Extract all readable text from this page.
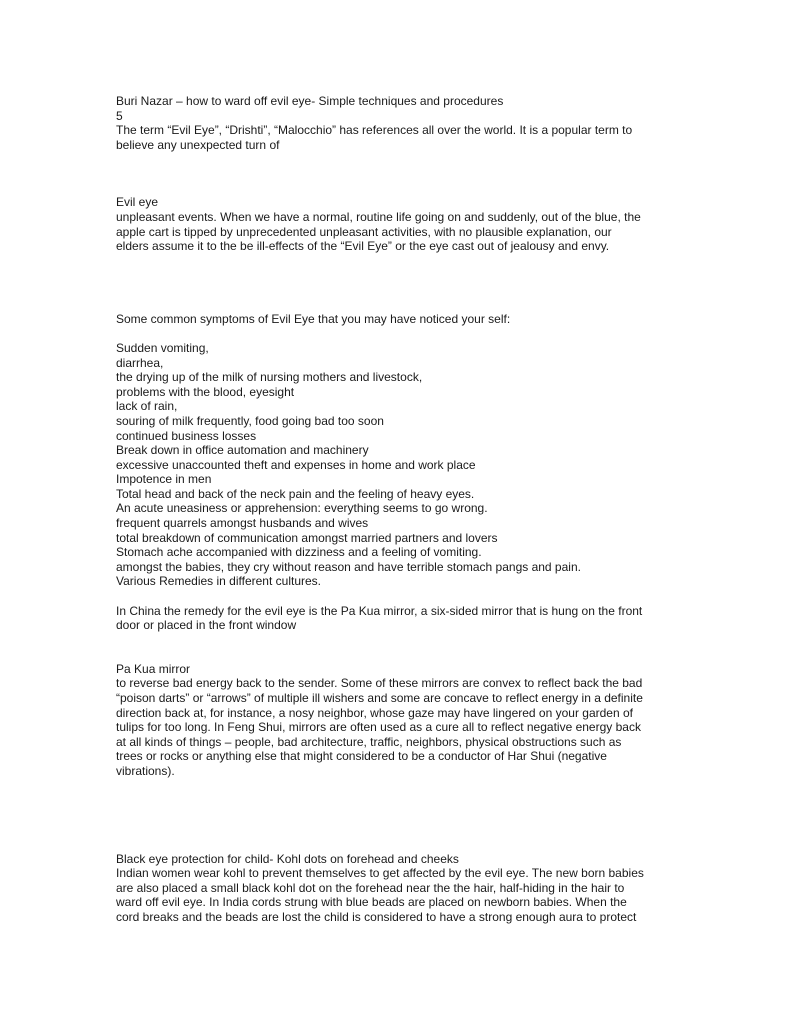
Buri Nazar – how to ward off evil eye- Simple techniques and procedures
5
The term “Evil Eye”, “Drishti”, “Malocchio” has references all over the world. It is a popular term to
believe any unexpected turn of
Evil eye
unpleasant events. When we have a normal, routine life going on and suddenly, out of the blue, the
apple cart is tipped by unprecedented unpleasant activities, with no plausible explanation, our
elders assume it to the be ill-effects of the “Evil Eye” or the eye cast out of jealousy and envy.
Some common symptoms of Evil Eye that you may have noticed your self:
Sudden vomiting,
diarrhea,
the drying up of the milk of nursing mothers and livestock,
problems with the blood, eyesight
lack of rain,
souring of milk frequently, food going bad too soon
continued business losses
Break down in office automation and machinery
excessive unaccounted theft and expenses in home and work place
Impotence in men
Total head and back of the neck pain and the feeling of heavy eyes.
An acute uneasiness or apprehension: everything seems to go wrong.
frequent quarrels amongst husbands and wives
total breakdown of communication amongst married partners and lovers
Stomach ache accompanied with dizziness and a feeling of vomiting.
amongst the babies, they cry without reason and have terrible stomach pangs and pain.
Various Remedies in different cultures.
In China the remedy for the evil eye is the Pa Kua mirror, a six-sided mirror that is hung on the front
door or placed in the front window
Pa Kua mirror
to reverse bad energy back to the sender. Some of these mirrors are convex to reflect back the bad
“poison darts” or “arrows” of multiple ill wishers and some are concave to reflect energy in a definite
direction back at, for instance, a nosy neighbor, whose gaze may have lingered on your garden of
tulips for too long. In Feng Shui, mirrors are often used as a cure all to reflect negative energy back
at all kinds of things – people, bad architecture, traffic, neighbors, physical obstructions such as
trees or rocks or anything else that might considered to be a conductor of Har Shui (negative
vibrations).
Black eye protection for child- Kohl dots on forehead and cheeks
Indian women wear kohl to prevent themselves to get affected by the evil eye. The new born babies
are also placed a small black kohl dot on the forehead near the the hair, half-hiding in the hair to
ward off evil eye. In India cords strung with blue beads are placed on newborn babies. When the
cord breaks and the beads are lost the child is considered to have a strong enough aura to protect
